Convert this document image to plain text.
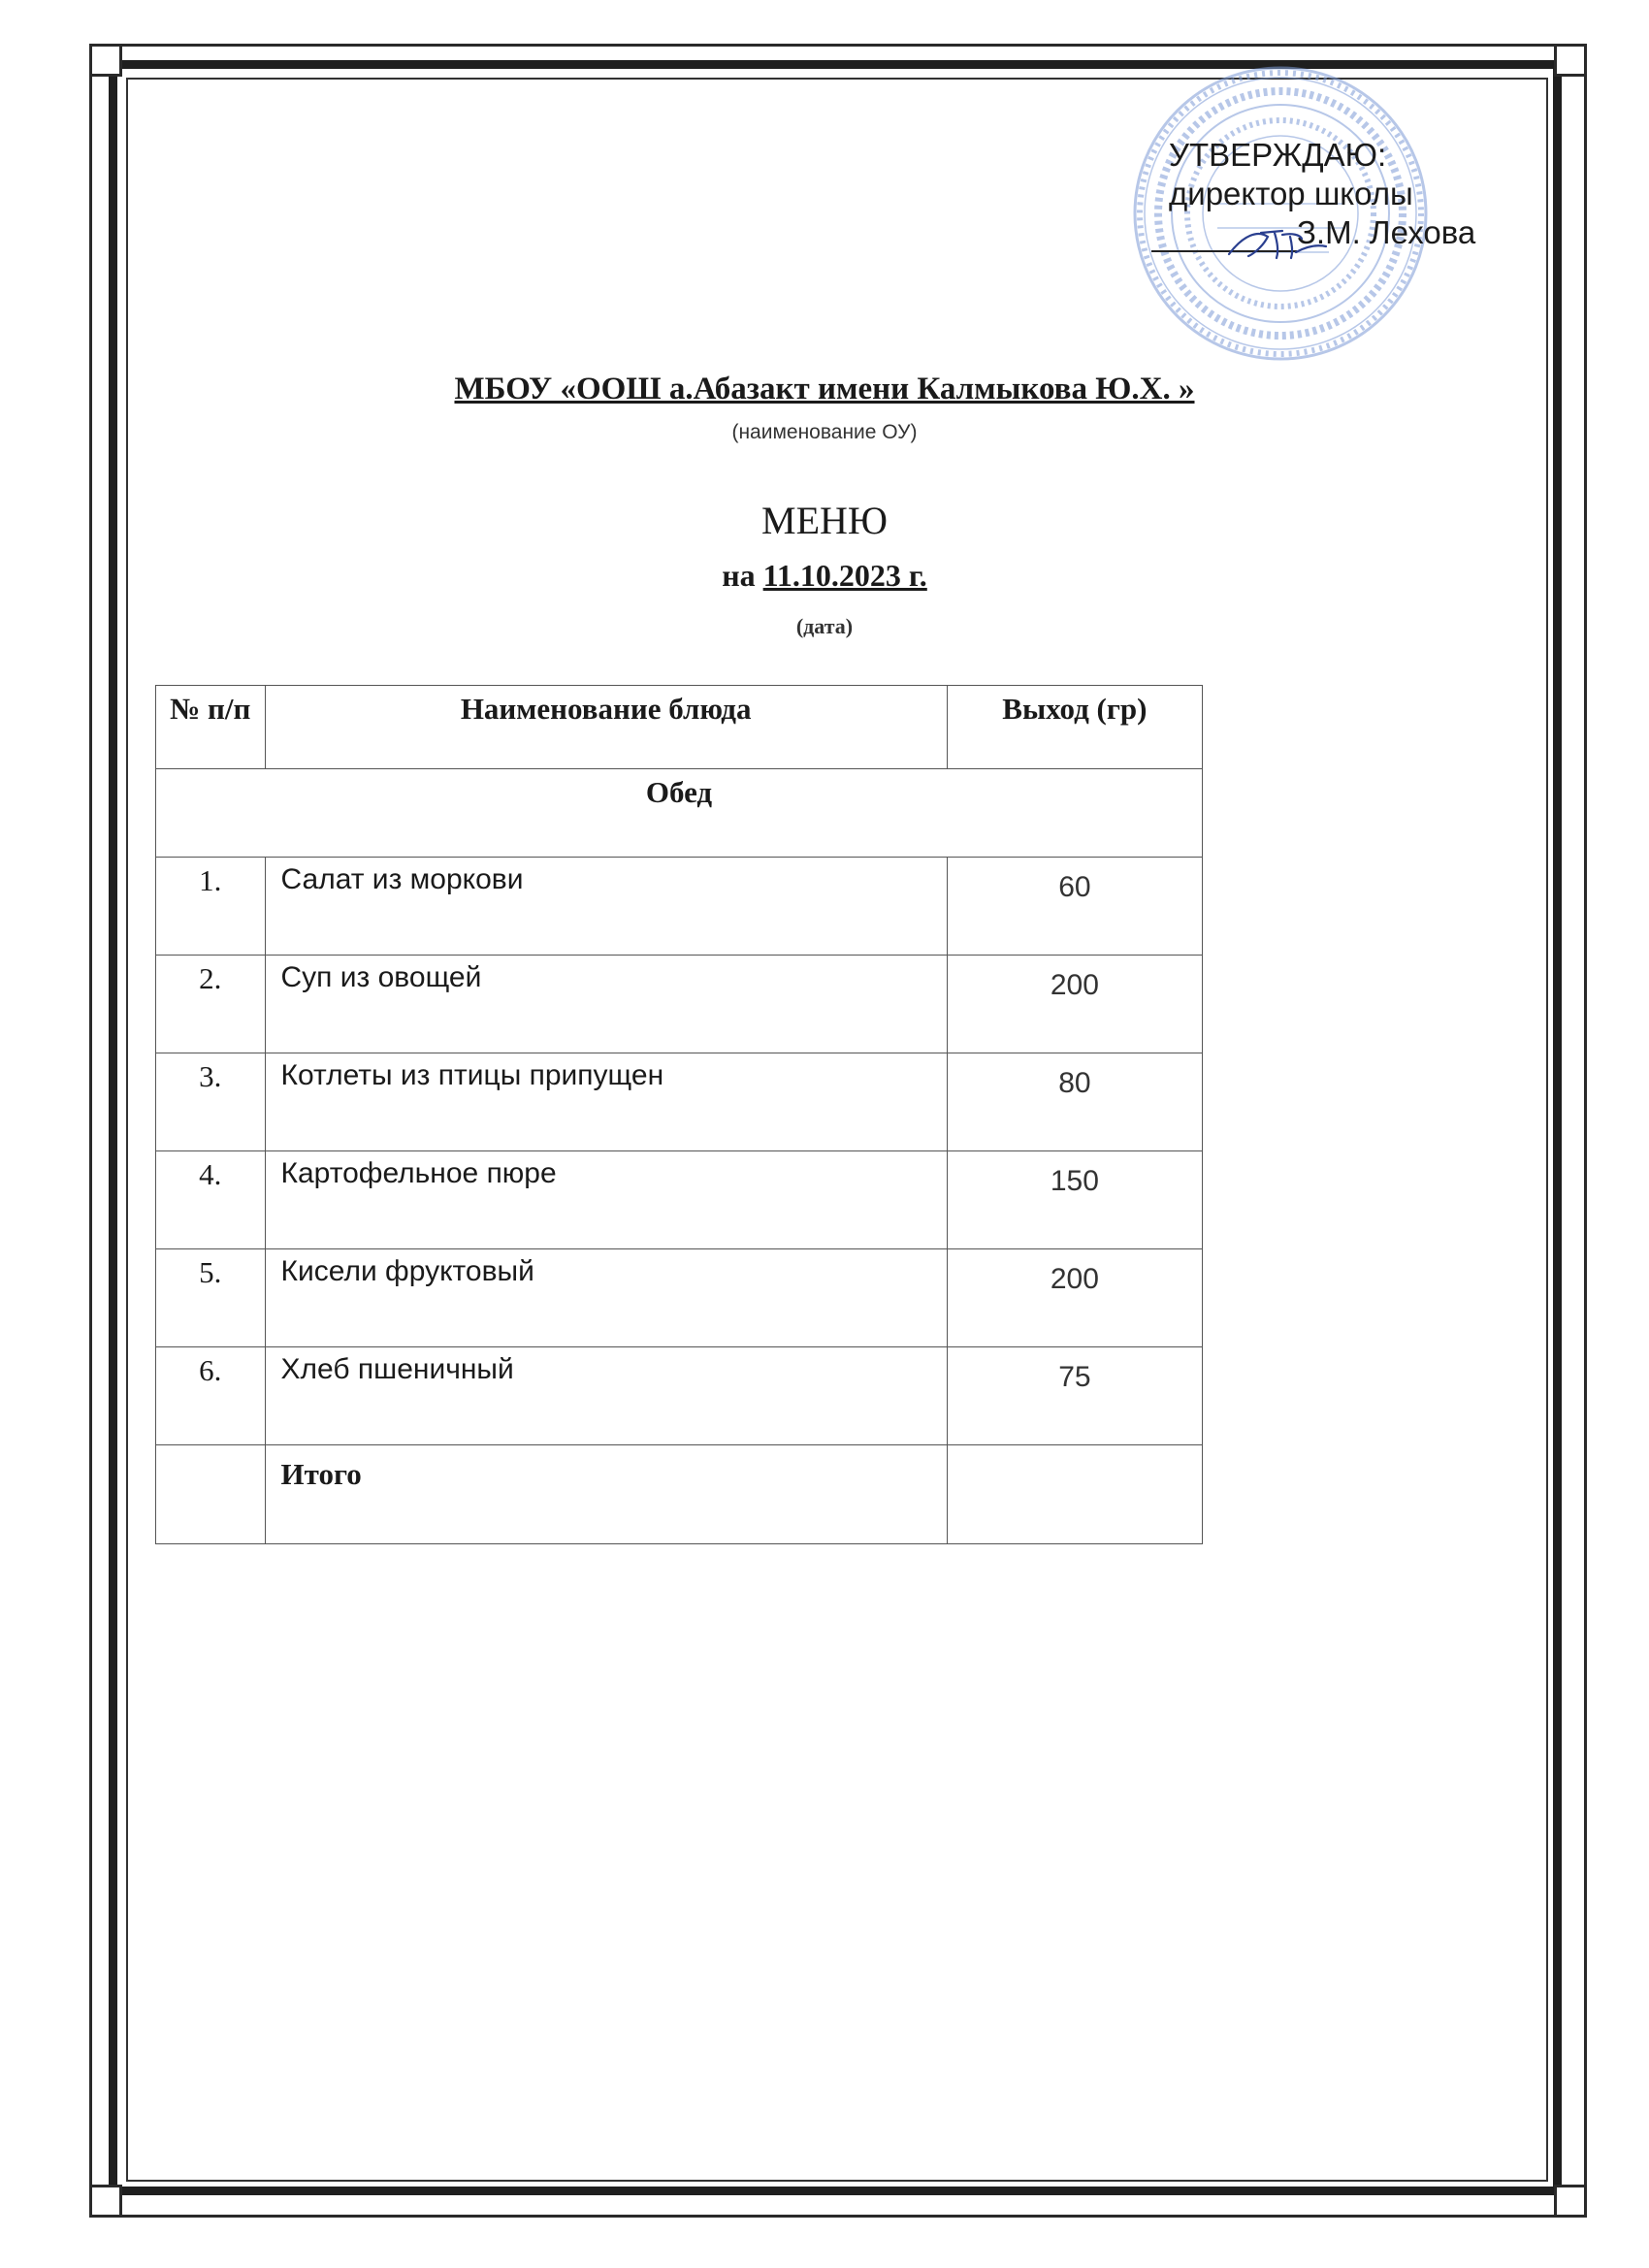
УТВЕРЖДАЮ:
директор школы
З.М. Лехова
МБОУ «ООШ а.Абазакт имени Калмыкова Ю.Х. »
(наименование ОУ)
МЕНЮ
на 11.10.2023 г.
(дата)
№ п/п	Наименование блюда	Выход (гр)
Обед		
1.	Салат из моркови	60
2.	Суп из овощей	200
3.	Котлеты из птицы припущен	80
4.	Картофельное пюре	150
5.	Кисели фруктовый	200
6.	Хлеб пшеничный	75
	Итого	
